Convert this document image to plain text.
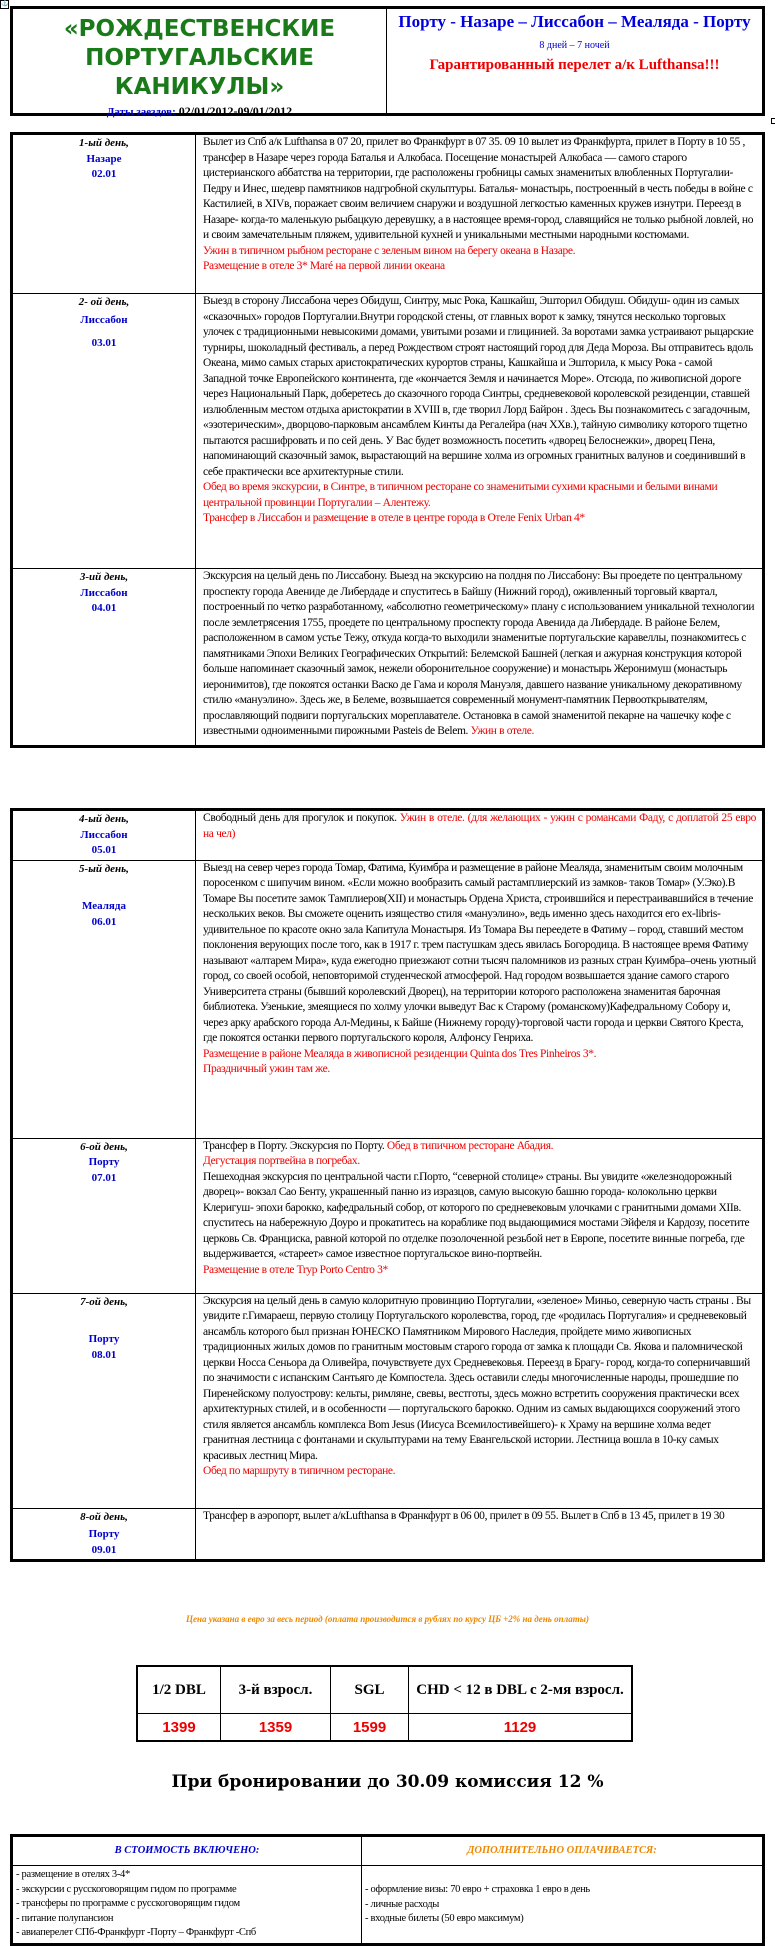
⚓
«РОЖДЕСТВЕНСКИЕ
ПОРТУГАЛЬСКИЕ
КАНИКУЛЫ»
Даты заездов: 02/01/2012-09/01/2012
Порту - Назаре – Лиссабон – Меаляда - Порту
8 дней – 7 ночей
Гарантированный перелет а/к Lufthansa!!!
1-ый день,
Назаре
02.01
	Вылет из Спб а/к Lufthansa в 07 20, прилет во Франкфурт в 07 35. 09 10 вылет из Франкфурта, прилет в Порту в 10 55 , трансфер в Назаре через города Баталья и Алкобаса. Посещение монастырей Алкобаса — самого старого цистерианского аббатства на территории, где расположены гробницы самых знаменитых влюбленных Португалии-Педру и Инес, шедевр памятников надгробной скульптуры. Баталья- монастырь, построенный в честь победы в войне с Кастилией, в XIVв, поражает своим величием снаружи и воздушной легкостью каменных кружев изнутри. Переезд в Назаре- когда-то маленькую рыбацкую деревушку, а в настоящее время-город, славящийся не только рыбной ловлей, но и своим замечательным пляжем, удивительной кухней и уникальными местными народными костюмами.
Ужин в типичном рыбном ресторане с зеленым вином на берегу океана в Назаре.
Размещение в отеле 3* Maré на первой линии океана

2- ой день,
Лиссабон
03.01
	Выезд в сторону Лиссабона через Обидуш, Синтру, мыс Рока, Кашкайш, Эшторил Обидуш. Обидуш- один из самых «сказочных» городов Португалии.Внутри городской стены, от главных ворот к замку, тянутся несколько торговых улочек с традиционными невысокими домами, увитыми розами и глицинией. За воротами замка устраивают рыцарские турниры, шоколадный фестиваль, а перед Рождеством строят настоящий город для Деда Мороза. Вы отправитесь вдоль Океана, мимо самых старых аристократических курортов страны, Кашкайша и Эшторила, к мысу Рока - самой Западной точке Европейского континента, где «кончается Земля и начинается Море». Отсюда, по живописной дороге через Национальный Парк, доберетесь до сказочного города Синтры, средневековой королевской резиденции, ставшей излюбленным местом отдыха аристократии в XVIII в, где творил Лорд Байрон . Здесь Вы познакомитесь с загадочным, «эзотерическим», дворцово-парковым ансамблем Кинты да Регалейра (нач XXв.), тайную символику которого тщетно пытаются расшифровать и по сей день. У Вас будет возможность посетить «дворец Белоснежки», дворец Пена, напоминающий сказочный замок, вырастающий на вершине холма из огромных гранитных валунов и соединивший в себе практически все архитектурные стили.
Обед во время экскурсии, в Синтре, в типичном ресторане со знаменитыми сухими красными и белыми винами центральной провинции Португалии – Алентежу.
Трансфер в Лиссабон и размещение в отеле в центре города в Отеле Fenix Urban 4*

3-ий день,
Лиссабон
04.01
	Экскурсия на целый день по Лиссабону. Выезд на экскурсию на полдня по Лиссабону: Вы проедете по центральному проспекту города Авениде де Либердаде и спуститесь в Байшу (Нижний город), оживленный торговый квартал, построенный по четко разработанному, «абсолютно геометрическому» плану с использованием уникальной технологии после землетрясения 1755, проедете по центральному проспекту города Авенида да Либердаде. В районе Белем, расположенном в самом устье Тежу, откуда когда-то выходили знаменитые португальские каравеллы, познакомитесь с памятниками Эпохи Великих Географических Открытий: Белемской Башней (легкая и ажурная конструкция которой больше напоминает сказочный замок, нежели оборонительное сооружение) и монастырь Жеронимуш (монастырь иеронимитов), где покоятся останки Васко де Гама и короля Мануэля, давшего название уникальному декоративному стилю «мануэлино». Здесь же, в Белеме, возвышается современный монумент-памятник Первооткрывателям, прославляющий подвиги португальских мореплавателе. Остановка в самой знаменитой пекарне на чашечку кофе с известными одноименными пирожными Pasteis de Belem. Ужин в отеле.
4-ый день,
Лиссабон
05.01	Свободный день для прогулок и покупок. Ужин в отеле. (для желающих - ужин с романсами Фаду, с доплатой 25 евро на чел)

5-ый день,
Меаляда
06.01
	Выезд на север через города Томар, Фатима, Куимбра и размещение в районе Меаляда, знаменитым своим молочным поросенком с шипучим вином. «Если можно вообразить самый растамплиерский из замков- таков Томар» (У.Эко).В Томаре Вы посетите замок Тамплиеров(XII) и монастырь Ордена Христа, строившийся и перестраивавшийся в течение нескольких веков. Вы сможете оценить изящество стиля «мануэлино», ведь именно здесь находится его ex-libris-удивительное по красоте окно зала Капитула Монастыря. Из Томара Вы переедете в Фатиму – город, ставший местом поклонения верующих после того, как в 1917 г. трем пастушкам здесь явилась Богородица. В настоящее время Фатиму называют «алтарем Мира», куда ежегодно приезжают сотни тысяч паломников из разных стран Куимбра–очень уютный город, со своей особой, неповторимой студенческой атмосферой. Над городом возвышается здание самого старого Университета страны (бывший королевский Дворец), на территории которого расположена знаменитая барочная библиотека. Узенькие, змеящиеся по холму улочки выведут Вас к Старому (романскому)Кафедральному Собору и, через арку арабского города Ал-Медины, к Байше (Нижнему городу)-торговой части города и церкви Святого Креста, где покоятся останки первого португальского короля, Алфонсу Генриха.
Размещение в районе Меаляда в живописной резиденции Quinta dos Tres Pinheiros 3*.
Праздничный ужин там же.

6-ой день,
Порту
07.01
	Трансфер в Порту. Экскурсия по Порту. Обед в типичном ресторане Абадия.
Дегустация портвейна в погребах.
Пешеходная экскурсия по центральной части г.Порто, “северной столице» страны. Вы увидите «железнодорожный дворец»- вокзал Сао Бенту, украшенный панно из изразцов, самую высокую башню города- колокольню церкви Клеригуш- эпохи барокко, кафедральный собор, от которого по средневековым улочками с гранитными домами XIIв. спуститесь на набережную Доуро и прокатитесь на кораблике под выдающимися мостами Эйфеля и Кардозу, посетите церковь Св. Франциска, равной которой по отделке позолоченной резьбой нет в Европе, посетите винные погреба, где выдерживается, «стареет» самое известное португальское вино-портвейн.
Размещение в отеле Tryp Porto Centro 3*

7-ой день,
Порту
08.01
	Экскурсия на целый день в самую колоритную провинцию Португалии, «зеленое» Миньо, северную часть страны . Вы увидите г.Гимараеш, первую столицу Португальского королевства, город, где «родилась Португалия» и средневековый ансамбль которого был признан ЮНЕСКО Памятником Мирового Наследия, пройдете мимо живописных традиционных жилых домов по гранитным мостовым старого города от замка к площади Св. Якова и паломнической церкви Носса Сеньора да Оливейра, почувствуете дух Средневековья. Переезд в Брагу- город, когда-то соперничавший по значимости с испанским Сантьяго де Компостела. Здесь оставили следы многочисленные народы, прошедшие по Пиренейскому полуострову: кельты, римляне, свевы, вестготы, здесь можно встретить сооружения практически всех архитектурных стилей, и в особенности — португальского барокко. Одним из самых выдающихся сооружений этого стиля является ансамбль комплекса Bom Jesus (Иисуса Всемилостивейшего)- к Храму на вершине холма ведет гранитная лестница с фонтанами и скульптурами на тему Евангельской истории. Лестница вошла в 10-ку самых красивых лестниц Мира.
Обед по маршруту в типичном ресторане.

8-ой день,
Порту
09.01	Трансфер в аэропорт, вылет а/кLufthansa в Франкфурт в 06 00, прилет в 09 55. Вылет в Спб в 13 45, прилет в 19 30
Цена указана в евро за весь период (оплата производится в рублях по курсу ЦБ +2% на день оплаты)
1/2 DBL	3-й взросл.	SGL	CHD < 12 в DBL с 2-мя взросл.
1399	1359	1599	1129
При бронировании до 30.09 комиссия 12 %
В СТОИМОСТЬ ВКЛЮЧЕНО:	ДОПОЛНИТЕЛЬНО ОПЛАЧИВАЕТСЯ:

- размещение в отелях 3-4*
- экскурсии с русскоговорящим гидом по программе
- трансферы по программе с русскоговорящим гидом
- питание полупансион
- авиаперелет СПб-Франкфурт -Порту – Франкфурт -Спб

- оформление визы: 70 евро + страховка 1 евро в день
- личные расходы
- входные билеты (50 евро максимум)
